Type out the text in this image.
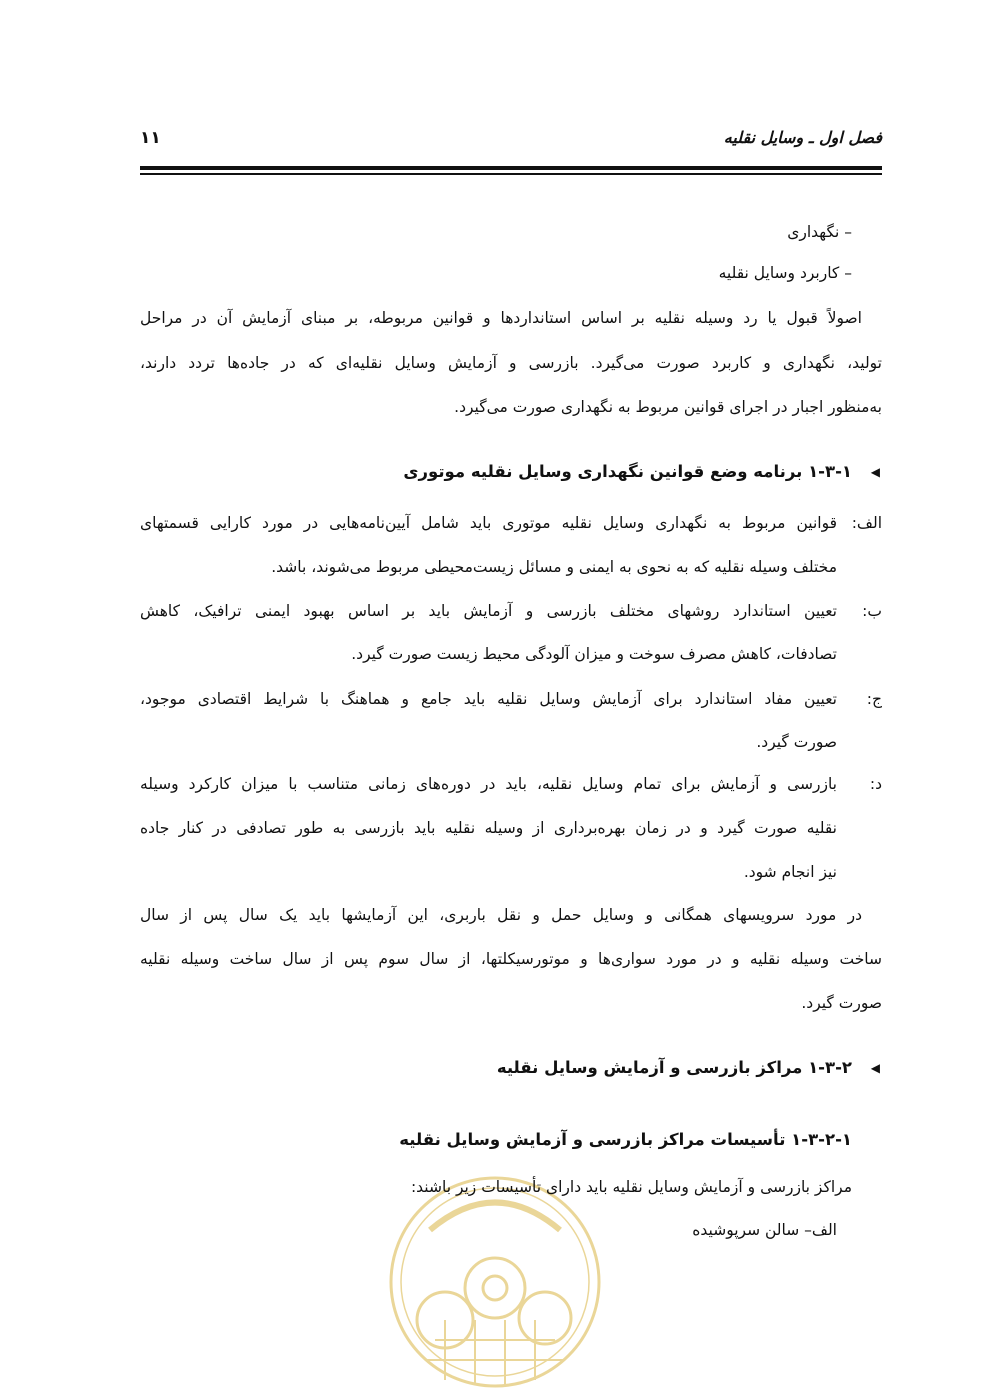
فصل اول ـ وسایل نقلیه
۱۱
– نگهداری
– کاربرد وسایل نقلیه
اصولاً قبول یا رد وسیله نقلیه بر اساس استانداردها و قوانین مربوطه، بر مبنای آزمایش آن در مراحل
تولید، نگهداری و کاربرد صورت می‌گیرد. بازرسی و آزمایش وسایل نقلیه‌ای که در جاده‌ها تردد دارند،
به‌منظور اجبار در اجرای قوانین مربوط به نگهداری صورت می‌گیرد.
◀
۱-۳-۱ برنامه وضع قوانین نگهداری وسایل نقلیه موتوری
الف:
قوانین مربوط به نگهداری وسایل نقلیه موتوری باید شامل آیین‌نامه‌هایی در مورد کارایی قسمتهای
مختلف وسیله نقلیه که به نحوی به ایمنی و مسائل زیست‌محیطی مربوط می‌شوند، باشد.
ب:
تعیین استاندارد روشهای مختلف بازرسی و آزمایش باید بر اساس بهبود ایمنی ترافیک، کاهش
تصادفات، کاهش مصرف سوخت و میزان آلودگی محیط زیست صورت گیرد.
ج:
تعیین مفاد استاندارد برای آزمایش وسایل نقلیه باید جامع و هماهنگ با شرایط اقتصادی موجود،
صورت گیرد.
د:
بازرسی و آزمایش برای تمام وسایل نقلیه، باید در دوره‌های زمانی متناسب با میزان کارکرد وسیله
نقلیه صورت گیرد و در زمان بهره‌برداری از وسیله نقلیه باید بازرسی به طور تصادفی در کنار جاده
نیز انجام شود.
در مورد سرویسهای همگانی و وسایل حمل و نقل باربری، این آزمایشها باید یک سال پس از سال
ساخت وسیله نقلیه و در مورد سواری‌ها و موتورسیکلتها، از سال سوم پس از سال ساخت وسیله نقلیه
صورت گیرد.
◀
۱-۳-۲ مراکز بازرسی و آزمایش وسایل نقلیه
۱-۳-۲-۱ تأسیسات مراکز بازرسی و آزمایش وسایل نقلیه
مراکز بازرسی و آزمایش وسایل نقلیه باید دارای تأسیسات زیر باشند:
الف– سالن سرپوشیده
